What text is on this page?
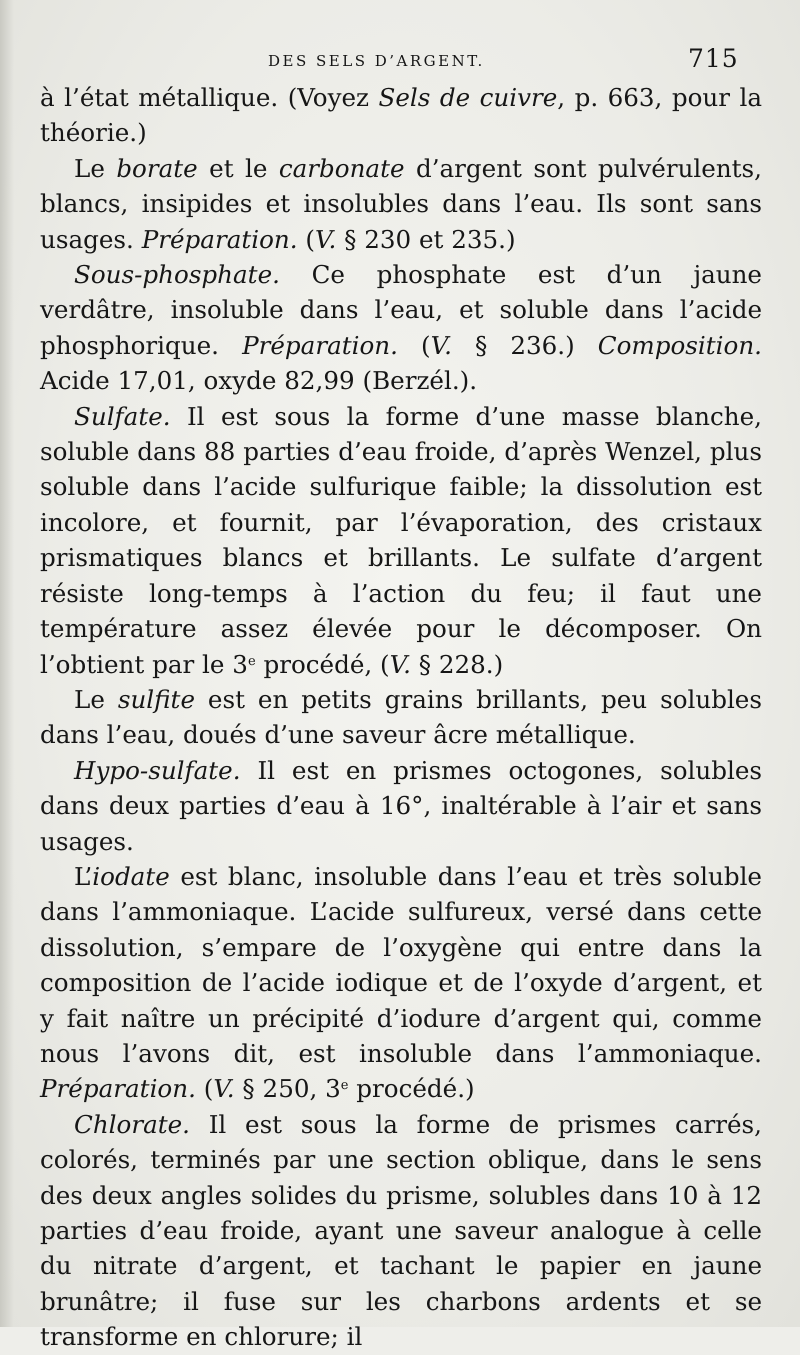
DES SELS D’ARGENT.	715

à l’état métallique. (Voyez Sels de cuivre, p. 663, pour la théorie.)

Le borate et le carbonate d’argent sont pulvérulents, blancs, insipides et insolubles dans l’eau. Ils sont sans usages. Préparation. (V. § 230 et 235.)

Sous-phosphate. Ce phosphate est d’un jaune verdâtre, insoluble dans l’eau, et soluble dans l’acide phosphorique. Préparation. (V. § 236.) Composition. Acide 17,01, oxyde 82,99 (Berzél.).

Sulfate. Il est sous la forme d’une masse blanche, soluble dans 88 parties d’eau froide, d’après Wenzel, plus soluble dans l’acide sulfurique faible; la dissolution est incolore, et fournit, par l’évaporation, des cristaux prismatiques blancs et brillants. Le sulfate d’argent résiste long-temps à l’action du feu; il faut une température assez élevée pour le décomposer. On l’obtient par le 3e procédé, (V. § 228.)

Le sulfite est en petits grains brillants, peu solubles dans l’eau, doués d’une saveur âcre métallique.

Hypo-sulfate. Il est en prismes octogones, solubles dans deux parties d’eau à 16°, inaltérable à l’air et sans usages.

L’iodate est blanc, insoluble dans l’eau et très soluble dans l’ammoniaque. L’acide sulfureux, versé dans cette dissolution, s’empare de l’oxygène qui entre dans la composition de l’acide iodique et de l’oxyde d’argent, et y fait naître un précipité d’iodure d’argent qui, comme nous l’avons dit, est insoluble dans l’ammoniaque. Préparation. (V. § 250, 3e procédé.)

Chlorate. Il est sous la forme de prismes carrés, colorés, terminés par une section oblique, dans le sens des deux angles solides du prisme, solubles dans 10 à 12 parties d’eau froide, ayant une saveur analogue à celle du nitrate d’argent, et tachant le papier en jaune brunâtre; il fuse sur les charbons ardents et se transforme en chlorure; il
